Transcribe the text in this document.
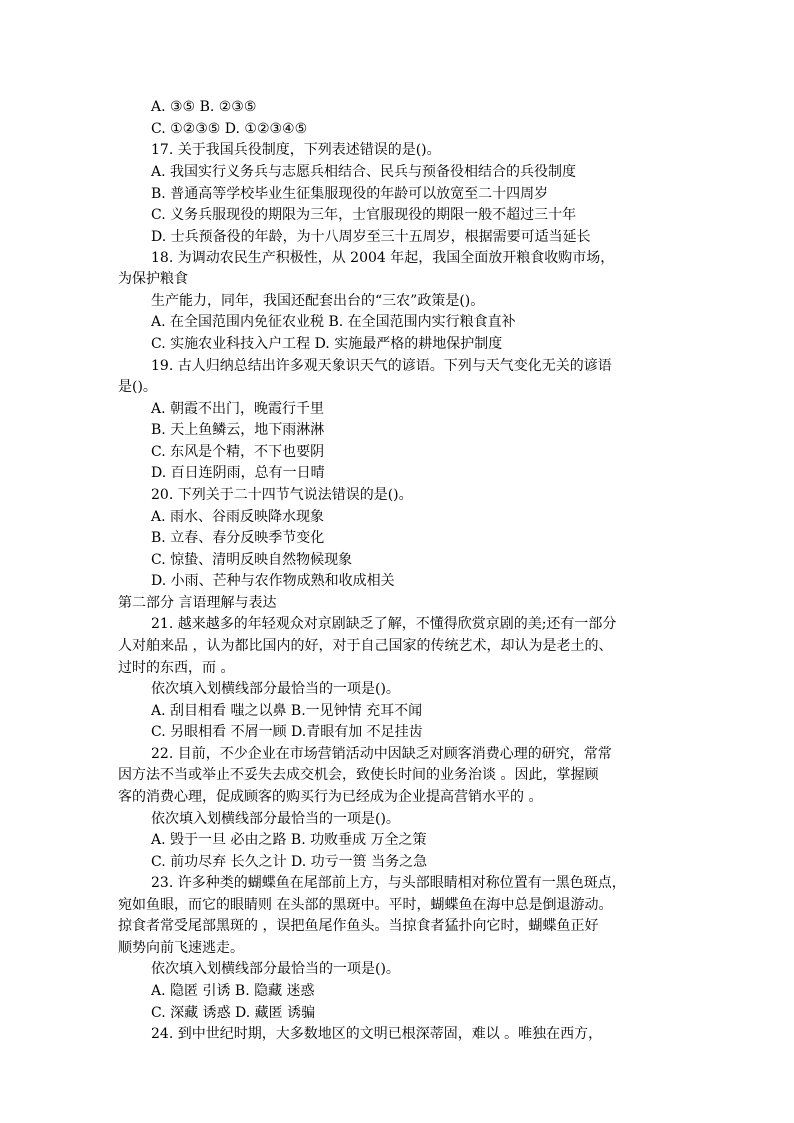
A. ③⑤ B. ②③⑤

C. ①②③⑤ D. ①②③④⑤

17. 关于我国兵役制度，下列表述错误的是()。

A. 我国实行义务兵与志愿兵相结合、民兵与预备役相结合的兵役制度

B. 普通高等学校毕业生征集服现役的年龄可以放宽至二十四周岁

C. 义务兵服现役的期限为三年，士官服现役的期限一般不超过三十年

D. 士兵预备役的年龄，为十八周岁至三十五周岁，根据需要可适当延长

18. 为调动农民生产积极性，从 2004 年起，我国全面放开粮食收购市场，

为保护粮食

生产能力，同年，我国还配套出台的“三农”政策是()。

A. 在全国范围内免征农业税 B. 在全国范围内实行粮食直补

C. 实施农业科技入户工程 D. 实施最严格的耕地保护制度

19. 古人归纳总结出许多观天象识天气的谚语。下列与天气变化无关的谚语

是()。

A. 朝霞不出门，晚霞行千里

B. 天上鱼鳞云，地下雨淋淋

C. 东风是个精，不下也要阴

D. 百日连阴雨，总有一日晴

20. 下列关于二十四节气说法错误的是()。

A. 雨水、谷雨反映降水现象

B. 立春、春分反映季节变化

C. 惊蛰、清明反映自然物候现象

D. 小雨、芒种与农作物成熟和收成相关

第二部分 言语理解与表达

21. 越来越多的年轻观众对京剧缺乏了解，不懂得欣赏京剧的美;还有一部分

人对舶来品 ，认为都比国内的好，对于自己国家的传统艺术，却认为是老土的、

过时的东西，而 。

依次填入划横线部分最恰当的一项是()。

A. 刮目相看 嗤之以鼻 B.一见钟情 充耳不闻

C. 另眼相看 不屑一顾 D.青眼有加 不足挂齿

22. 目前，不少企业在市场营销活动中因缺乏对顾客消费心理的研究，常常

因方法不当或举止不妥失去成交机会，致使长时间的业务治谈 。因此，掌握顾

客的消费心理，促成顾客的购买行为已经成为企业提高营销水平的 。

依次填入划横线部分最恰当的一项是()。

A. 毁于一旦 必由之路 B. 功败垂成 万全之策

C. 前功尽弃 长久之计 D. 功亏一篑 当务之急

23. 许多种类的蝴蝶鱼在尾部前上方，与头部眼睛相对称位置有一黑色斑点，

宛如鱼眼，而它的眼睛则 在头部的黑斑中。平时，蝴蝶鱼在海中总是倒退游动。

掠食者常受尾部黑斑的 ，误把鱼尾作鱼头。当掠食者猛扑向它时，蝴蝶鱼正好

顺势向前飞速逃走。

依次填入划横线部分最恰当的一项是()。

A. 隐匿 引诱 B. 隐藏 迷惑

C. 深藏 诱惑 D. 藏匿 诱骗

24. 到中世纪时期，大多数地区的文明已根深蒂固，难以 。唯独在西方，
